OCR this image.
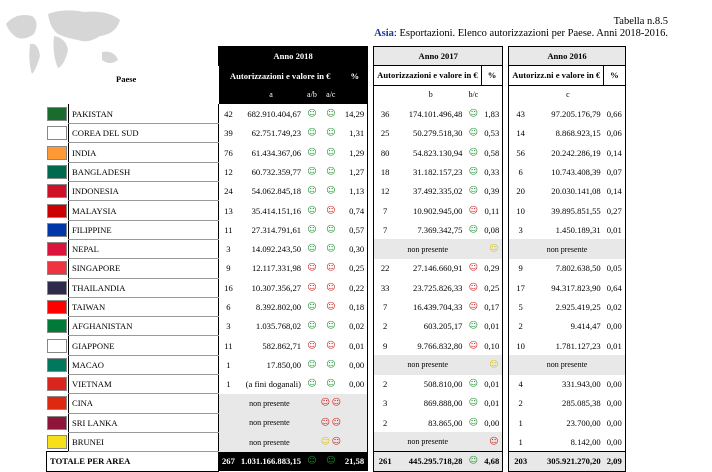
Tabella n.8.5
Asia: Esportazioni. Elenco autorizzazioni per Paese. Anni 2018-2016.
Paese
		Anno 2018						Anno 2017					Anno 2016		
		Autorizzazioni e valore in €				%		Autorizzazioni e valore in €			%		Autorizz.ni e valore in €		%
			a	a/b	a/c				b	b/c				c	
	PAKISTAN	42	682.910.404,67	☺	☺	14,29		36	174.101.496,48	☺	1,83		43	97.205.176,79	0,66
	COREA DEL SUD	39	62.751.749,23	☺	☺	1,31		25	50.279.518,30	☺	0,53		14	8.868.923,15	0,06
	INDIA	76	61.434.367,06	☺	☺	1,29		80	54.823.130,94	☺	0,58		56	20.242.286,19	0,14
	BANGLADESH	12	60.732.359,77	☺	☺	1,27		18	31.182.157,23	☺	0,33		6	10.743.408,39	0,07
	INDONESIA	24	54.062.845,18	☺	☺	1,13		12	37.492.335,02	☺	0,39		20	20.030.141,08	0,14
	MALAYSIA	13	35.414.151,16	☺	☺	0,74		7	10.902.945,00	☺	0,11		10	39.895.851,55	0,27
	FILIPPINE	11	27.314.791,61	☺	☺	0,57		7	7.369.342,75	☺	0,08		3	1.450.189,31	0,01
	NEPAL	3	14.092.243,50	☺	☺	0,30		non presente			☺		non presente		
	SINGAPORE	9	12.117.331,98	☺	☺	0,25		22	27.146.660,91	☺	0,29		9	7.802.638,50	0,05
	THAILANDIA	16	10.307.356,27	☺	☺	0,22		33	23.725.826,33	☺	0,25		17	94.317.823,90	0,64
	TAIWAN	6	8.392.802,00	☺	☺	0,18		7	16.439.704,33	☺	0,17		5	2.925.419,25	0,02
	AFGHANISTAN	3	1.035.768,02	☺	☺	0,02		2	603.205,17	☺	0,01		2	9.414,47	0,00
	GIAPPONE	11	582.862,71	☺	☺	0,01		9	9.766.832,80	☺	0,10		10	1.781.127,23	0,01
	MACAO	1	17.850,00	☺	☺	0,00		non presente			☺		non presente		
	VIETNAM	1	(a fini doganali)	☺	☺	0,00		2	508.810,00	☺	0,01		4	331.943,00	0,00
	CINA	non presente			☺ ☺			3	869.888,00	☺	0,01		2	285.085,38	0,00
	SRI LANKA	non presente			☺ ☺			2	83.865,00	☺	0,00		1	23.700,00	0,00
	BRUNEI	non presente			☺ ☺			non presente			☺		1	8.142,00	0,00
TOTALE PER AREA		267	1.031.166.883,15	☺	☺	21,58		261	445.295.718,28	☺	4,68		203	305.921.270,20	2,09
